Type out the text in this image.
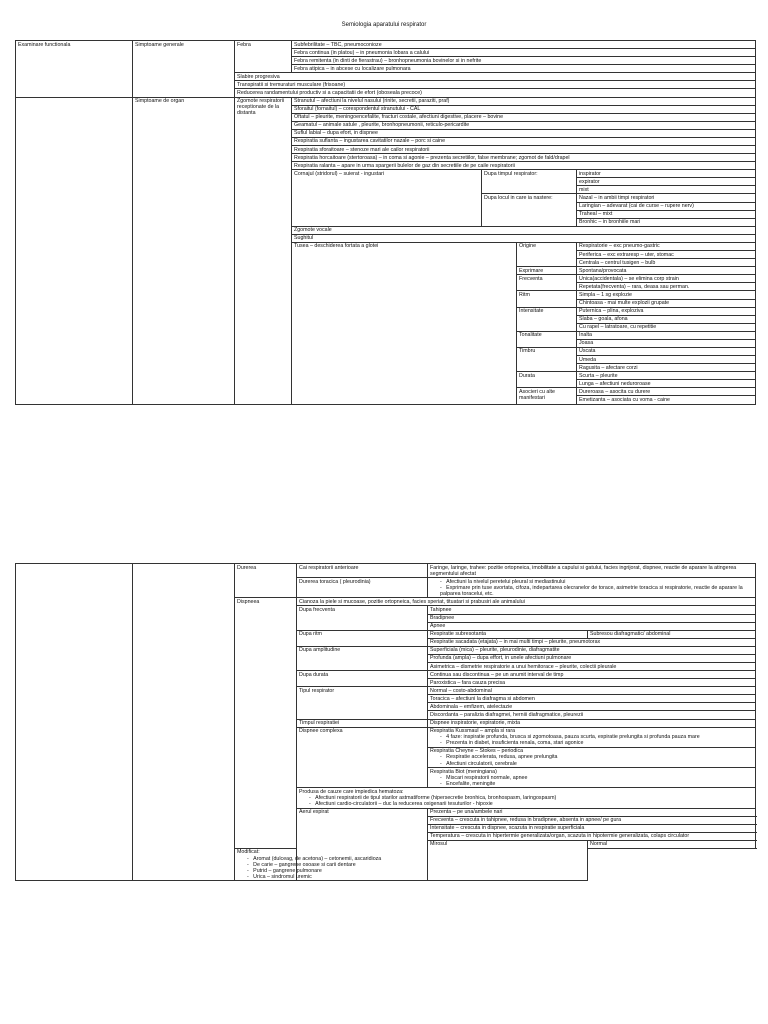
Semiologia aparatului respirator
Examinare functionala	Simptoame generale	Febra	Subfebrilitate – TBC, pneumoconioze			
			Febra continua (in platou) – in pneumonia lobara a calului			
			Febra remitenta (in dinti de fierastrau) – bronhopneumonia bovinelor si in nefrite			
			Febra atipica – in abcese cu localizare pulmonara			
		Slabire progresiva				
		Transpiratii si tremuraturi musculare (frisoane)				
		Reducerea randamentului productiv si a capacitatii de efort (oboseala precoce)				
	Simptoame de organ	Zgomote respiratorii receptionate de la distanta	Stranutul – afectiuni la nivelul nasului (rinite, secretii, paraziti, praf)			
			Sforaitul (fornaitul) – corespondentul stranutului - CAL			
			Oftatul – pleurite, meningoencefalite, fracturi costale, afectiuni digestive, placere – bovine			
			Geamatul – animale satule , pleurite, bronhopneumonii, reticulo-pericardite			
			Suflul labial – dupa efort, in dispnee			
			Respiratia suflanta – ingustarea cavitatilor nazale – porc si caine			
			Respiratia sforaitoare – stenoze mari ale cailor respiratorii			
			Respiratia horcaitoare (stertoroasa) – in coma si agonie – prezenta secretiilor, false membrane; zgomot de fald/drapel			
			Respiratia ralanta – apare in urma spargerii bulelor de gaz din secretiile de pe caile respiratorii			
			Cornajul (stridorul) – suierat - ingustari	Dupa timpul respirator:		inspirator
						expirator
						mixt
				Dupa locul in care ia nastere:		Nazal – in ambii timpi respiratori
						Laringian – adevarat (cai de curse – rupere nerv)
						Traheal – mixt
						Bronhic – in bronhiile mari
			Zgomote vocale			
			Sughitul			
			Tusea – deschiderea fortata a glotei		Origine	Respiratorie – exc pneumo-gastric
						Periferica – exc extraresp – uter, stomac
						Centrala – centrul tusigen – bulb
					Exprimare	Spontana/provocata
					Frecventa	Unica(accidentala) – se elimina corp strain
						Repetata(frecventa) – rara, deasa sau perman.
					Ritm	Simpla – 1 sg explozie
						Chintoasa - mai multe explozii grupate
					Intensitate	Puternica – plina, exploziva
						Slaba – goala, afona
						Cu rapel – latratoare, cu repetitie
					Tonalitate	Inalta
						Joasa
					Timbru	Uscata
						Umeda
						Ragusita – afectare corzi
					Durata	Scurta – pleurite
						Lunga – afectiuni neduroroase
					Asocieri cu alte manifestari	Dureroasa – asocita cu durere
						Emetizanta – asociata cu voma - caine
		Durerea	Cai respiratorii anterioare	Faringe, laringe, trahee: pozitie ortopneica, imobilitate a capului si gatului, facies ingrijorat, dispnee, reactie de aparare la atingerea segmentului afectat	
			Durerea toracica ( pleurodinia)	-   Afectiuni la nivelul peretelui pleural si mediastinului
-   Exprimare prin tuse avortata, cifoza, indepartarea olecranelor de torace, asimetrie toracica si respiratorie, reactie de aparare la palparea toracelui, etc.	

		Dispneea	Cianoza la piele si mucoase, pozitie ortopneica, facies speriat, tituatari si prabusiri ale animalului		
			Dupa frecventa	Tahipnee	
				Bradipnee	
				Apnee	
			Dupa ritm	Respiratie subresotanta	Subresou diafragmatic/ abdominal
				Respiratie sacadata (etajata) – in mai multi timpi – pleurite, pneumotorax	
			Dupa amplitudine	Superficiala (mica) – pleurite, pleurodinie, diafragmatite	
				Profunda (ampla) – dupa effort, in unele afectiuni pulmonare	
				Asimetrica – dismetrie respiratorie a unui hemitorace – pleurite, colectii pleurale	
			Dupa durata	Continua sau discontinua – pe un anumit interval de timp	
				Paroxistica – fara cauza precisa	
			Tipul respirator	Normal – costo-abdominal	
				Toracica – afectiuni la diafragma si abdomen	
				Abdominala – emfizem, atelectazie	
				Discordanta – paralizia diafragmei, herniii diafragmatice, pleurezii	
			Timpul respiratiei	Dispnee inspiratorie, expiratorie, mixta	
			Dispnee complexa	Respiratia Kussmaul – ampla si rara
-   4 faze: inspiratie profunda, brusca si zgomotoasa, pauza scurta, expiratie prelungita si profunda pauza mare
-   Prezenta in diabet, insuficienta renala, coma, stari agonice	

				Respiratia Cheyne – Stokes – periodica
-   Respiratie accelerata, redusa, apnee prelungita
-   Afectiuni circulatorii, cerebrale	

				Respiratia Biot (meningiana)
-   Miscari respiratorii normale, apnee
-   Encefalite, meningite	

			Produsa de cauze care impiedica hematoza:
-   Afectiuni respiratorii de tipul starilor astmatiforme (hipersecretie bronhica, bronhospasm, laringospasm)
-   Afectiuni cardio-circulatorii – duc la reducerea oxigenarii tesuturilor - hipoxie		

			Aerul expirat	Prezenta – pe una/ambele nari	
				Frecventa – crescuta in tahipnee, redusa in bradipnee, absenta in apnee/ pe gura	
				Intensitate – crescuta in dispnee, scazuta in respiratie superficiala	
				Temperatura – crescuta in hipertermie generalizata/organ, scazuta in hipotermie generalizata, colaps circulator	
				Mirosul	Normal

		Modificat:
-   Aromat (dulceag, de acetona) – cetonemii, ascaridioza
-   De carie – gangrene osoase si carii dentare
-   Putrid – gangrene pulmonare
-   Urica – sindromul uremic			
